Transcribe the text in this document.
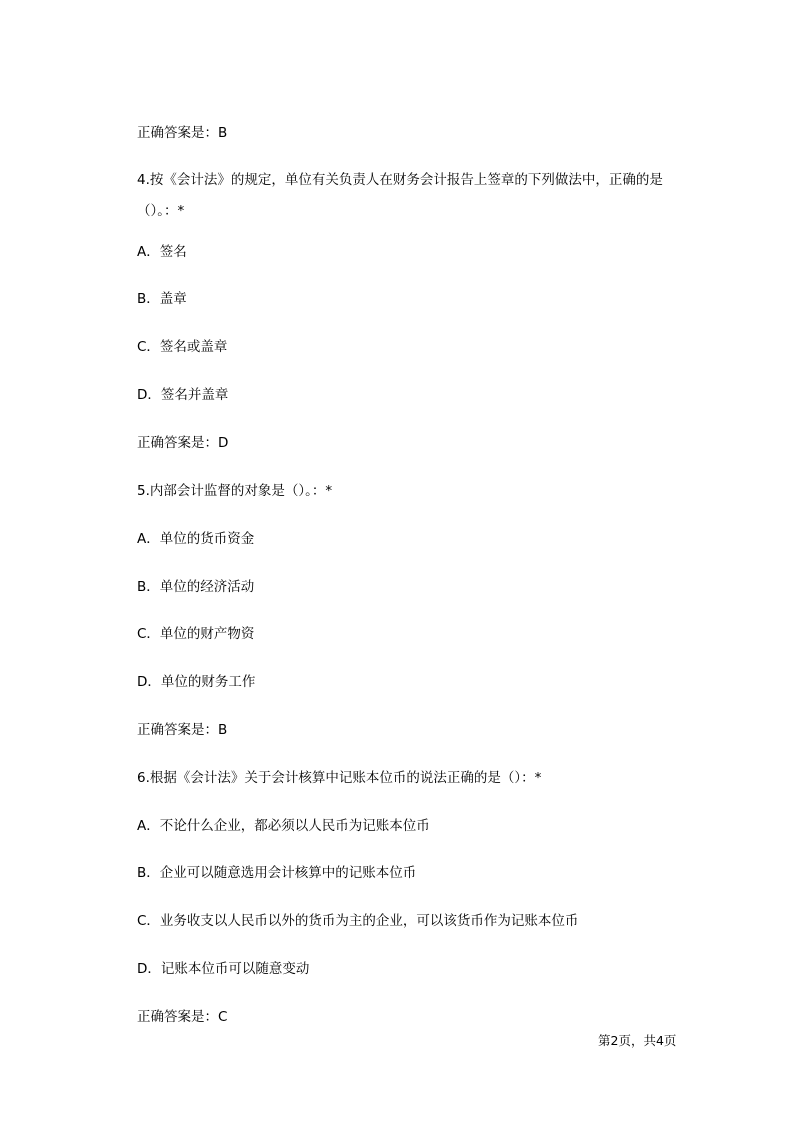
正确答案是：B
4.按《会计法》的规定，单位有关负责人在财务会计报告上签章的下列做法中，正确的是（）。：*
A．签名
B．盖章
C．签名或盖章
D．签名并盖章
正确答案是：D
5.内部会计监督的对象是（）。：*
A．单位的货币资金
B．单位的经济活动
C．单位的财产物资
D．单位的财务工作
正确答案是：B
6.根据《会计法》关于会计核算中记账本位币的说法正确的是（）：*
A．不论什么企业，都必须以人民币为记账本位币
B．企业可以随意选用会计核算中的记账本位币
C．业务收支以人民币以外的货币为主的企业，可以该货币作为记账本位币
D．记账本位币可以随意变动
正确答案是：C
第2页，共4页
